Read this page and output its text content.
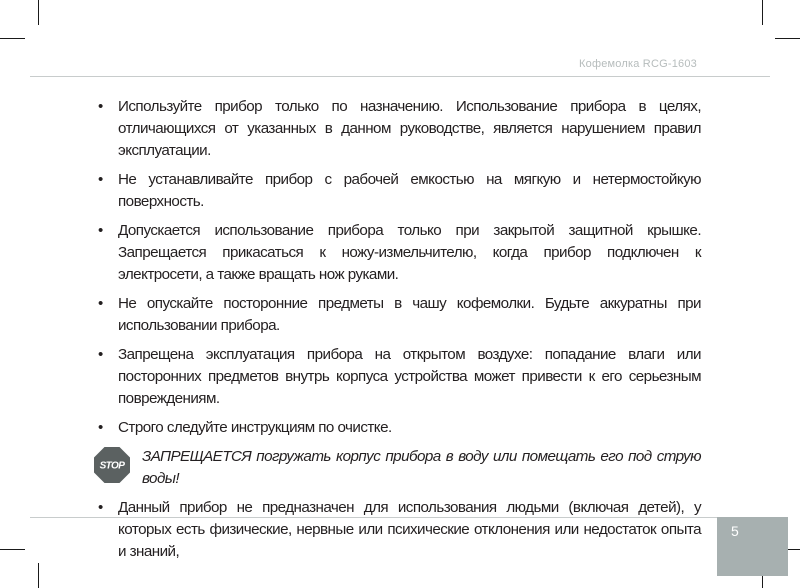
Кофемолка RCG-1603
• Используйте прибор только по назначению. Использование прибора в целях, отличающихся от указанных в данном руководстве, является нарушением правил эксплуатации.
• Не устанавливайте прибор с рабочей емкостью на мягкую и нетермостойкую поверхность.
• Допускается использование прибора только при закрытой защитной крышке. Запрещается прикасаться к ножу-измельчителю, когда прибор подключен к электросети, а также вращать нож руками.
• Не опускайте посторонние предметы в чашу кофемолки. Будьте аккуратны при использовании прибора.
• Запрещена эксплуатация прибора на открытом воздухе: попадание влаги или посторонних предметов внутрь корпуса устройства может привести к его серьезным повреждениям.
• Строго следуйте инструкциям по очистке.
STOP
ЗАПРЕЩАЕТСЯ погружать корпус прибора в воду или помещать его под струю воды!
• Данный прибор не предназначен для использования людьми (включая детей), у которых есть физические, нервные или психические отклонения или недостаток опыта и знаний,
5
